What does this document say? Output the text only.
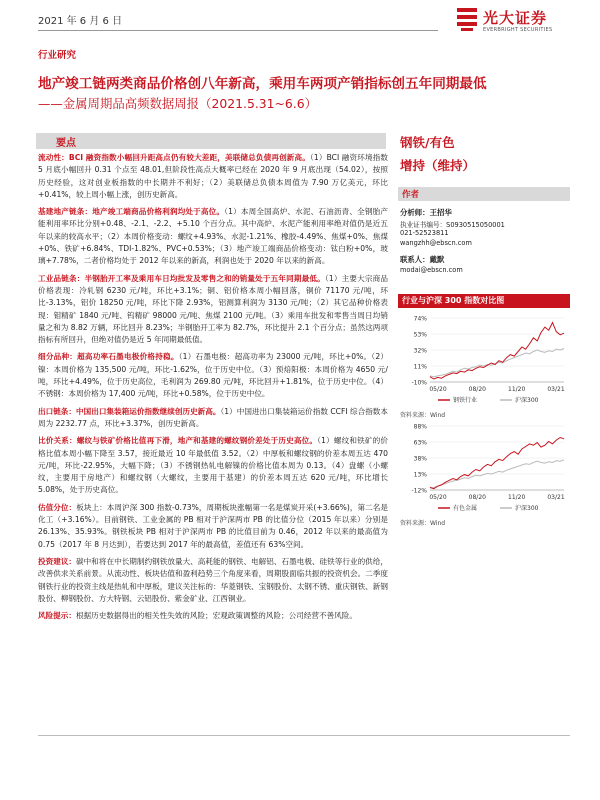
2021 年 6 月 6 日	光大证券
EVERBRIGHT SECURITIES
行业研究
地产竣工链两类商品价格创八年新高，乘用车两项产销指标创五年同期最低
——金属周期品高频数据周报（2021.5.31~6.6）
要点

流动性：BCI 融资指数小幅回升距高点仍有较大差距，美联储总负债再创新高。（1）BCI 融资环境指数 5 月底小幅回升 0.31 个点至 48.01,但阶段性高点大概率已经在 2020 年 9 月底出现（54.02），按照历史经验，这对创业板指数的中长期并不利好；（2）美联储总负债本周值为 7.90 万亿美元，环比+0.41%，较上周小幅上涨，创历史新高。

基建地产链条：地产竣工端商品价格利润均处于高位。（1）本周全国高炉、水泥、石油沥青、全钢胎产能利用率环比分别+0.48、-2.1、-2.2、+5.10 个百分点。其中高炉、水泥产能利用率绝对值仍是近五年以来的较高水平；（2）本周价格变动：螺纹+4.93%、水泥-1.21%、橡胶-4.49%、焦煤+0%、焦煤+0%、铁矿+6.84%、TDI-1.82%、PVC+0.53%；（3）地产竣工端商品价格变动：钛白粉+0%，玻璃+7.78%，二者价格均处于 2012 年以来的新高，利润也处于 2020 年以来的新高。

工业品链条：半钢胎开工率及乘用车日均批发及零售之和的销量处于五年同期最低。（1）主要大宗商品价格表现：冷轧钢 6230 元/吨，环比+3.1%；铜、铝价格本周小幅回落，铜价 71170 元/吨，环比-3.13%，铝价 18250 元/吨，环比下降 2.93%，铝测算利润为 3130 元/吨；（2）其它品种价格表现：钼精矿 1840 元/吨、钨精矿 98000 元/吨、焦煤 2100 元/吨。（3）乘用车批发和零售当周日均销量之和为 8.82 万辆，环比回升 8.23%；半钢胎开工率为 82.7%，环比提升 2.1 个百分点；虽然这两项指标有所回升，但绝对值仍是近 5 年同期最低值。

细分品种：超高功率石墨电极价格持稳。（1）石墨电极：超高功率为 23000 元/吨，环比+0%。（2）镍：本周价格为 135,500 元/吨，环比-1.62%，位于历史中位。（3）预焙阳极：本周价格为 4650 元/吨，环比+4.49%，位于历史高位，毛利润为 269.80 元/吨，环比回升+1.81%，位于历史中位。（4）不锈钢：本周价格为 17,400 元/吨，环比+0.58%，位于历史中位。

出口链条：中国出口集装箱运价指数继续创历史新高。（1）中国进出口集装箱运价指数 CCFI 综合指数本周为 2232.77 点，环比+3.37%，创历史新高。

比价关系：螺纹与铁矿价格比值再下滑，地产和基建的螺纹钢价差处于历史高位。（1）螺纹和铁矿的价格比值本周小幅下降至 3.57，接近最近 10 年最低值 3.52。（2）中厚板和螺纹钢的价差本周五达 470 元/吨，环比-22.95%，大幅下降；（3）不锈钢热轧电解镍的价格比值本周为 0.13。（4）盘螺（小螺纹，主要用于房地产）和螺纹钢（大螺纹，主要用于基建）的价差本周五达 620 元/吨，环比增长 5.08%，处于历史高位。

估值分位：板块上：本周沪深 300 指数-0.73%，周期板块涨幅第一名是煤炭开采(+3.66%)，第二名是化工（+3.16%）。目前钢铁、工业金属的 PB 相对于沪深两市 PB 的比值分位（2015 年以来）分别是 26.13%、35.93%。钢铁板块 PB 相对于沪深两市 PB 的比值目前为 0.46，2012 年以来的最高值为 0.75（2017 年 8 月达到），若要达到 2017 年的最高值，差值还有 63%空间。

投资建议：碳中和将在中长期制约钢铁放量大、高耗能的钢铁、电解铝、石墨电极、硅铁等行业的供给，改善供求关系前景。从流动性、板块估值和盈利趋势三个角度来看，周期股面临共振的投资机会。二季度钢铁行业的投资主线是热轧和中厚板，建议关注标的：华菱钢铁、宝钢股份、太钢不锈、重庆钢铁、新钢股份、柳钢股份、方大特钢、云铝股份、紫金矿业、江西铜业。

风险提示：根据历史数据得出的相关性失效的风险；宏观政策调整的风险；公司经营不善风险。

钢铁/有色
增持（维持）
作者
分析师：王招华
执业证书编号：S0930515050001
021-52523811
wangzhh@ebscn.com
联系人：戴默
modai@ebscn.com
行业与沪深 300 指数对比图
74%
53%
32%
11%
-10%
05/20	08/20	11/20	03/21
钢铁行业	沪深300
资料来源：Wind
88%
63%
38%
13%
-12%
05/20	08/20	11/20	03/21
有色金属	沪深300
资料来源：Wind
